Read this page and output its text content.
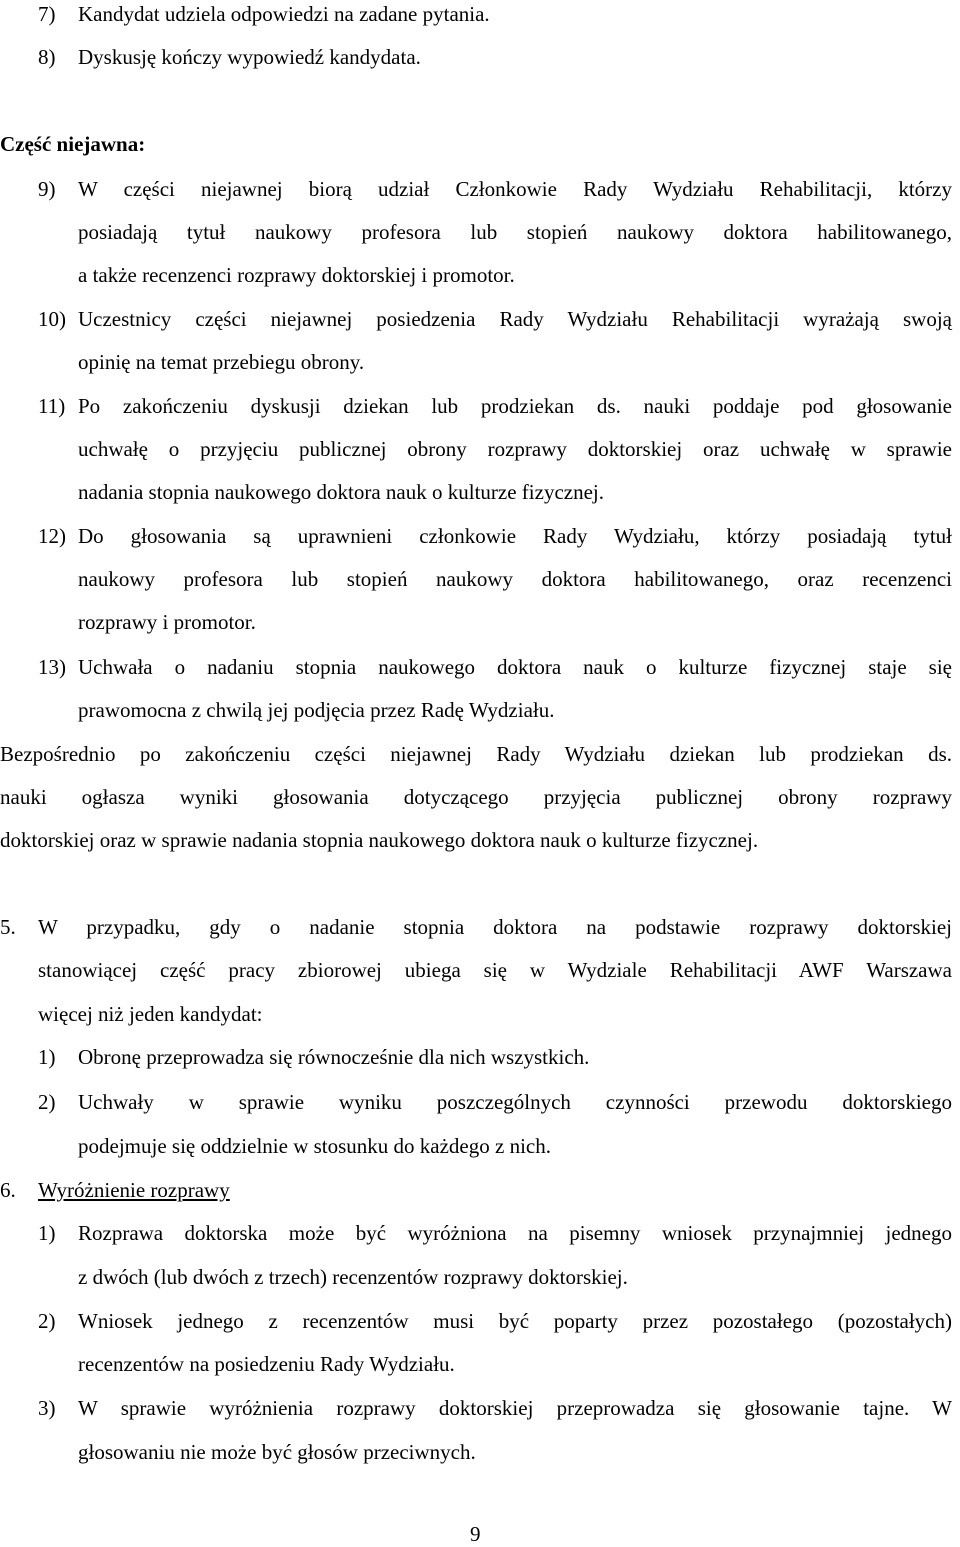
7) Kandydat udziela odpowiedzi na zadane pytania.
8) Dyskusję kończy wypowiedź kandydata.
Część niejawna:
9) W części niejawnej biorą udział Członkowie Rady Wydziału Rehabilitacji, którzy
posiadają tytuł naukowy profesora lub stopień naukowy doktora habilitowanego,
a także recenzenci rozprawy doktorskiej i promotor.
10) Uczestnicy części niejawnej posiedzenia Rady Wydziału Rehabilitacji wyrażają swoją
opinię na temat przebiegu obrony.
11) Po zakończeniu dyskusji dziekan lub prodziekan ds. nauki poddaje pod głosowanie
uchwałę o przyjęciu publicznej obrony rozprawy doktorskiej oraz uchwałę w sprawie
nadania stopnia naukowego doktora nauk o kulturze fizycznej.
12) Do głosowania są uprawnieni członkowie Rady Wydziału, którzy posiadają tytuł
naukowy profesora lub stopień naukowy doktora habilitowanego, oraz recenzenci
rozprawy i promotor.
13) Uchwała o nadaniu stopnia naukowego doktora nauk o kulturze fizycznej staje się
prawomocna z chwilą jej podjęcia przez Radę Wydziału.
Bezpośrednio po zakończeniu części niejawnej Rady Wydziału dziekan lub prodziekan ds.
nauki ogłasza wyniki głosowania dotyczącego przyjęcia publicznej obrony rozprawy
doktorskiej oraz w sprawie nadania stopnia naukowego doktora nauk o kulturze fizycznej.
5. W przypadku, gdy o nadanie stopnia doktora na podstawie rozprawy doktorskiej
stanowiącej część pracy zbiorowej ubiega się w Wydziale Rehabilitacji AWF Warszawa
więcej niż jeden kandydat:
1) Obronę przeprowadza się równocześnie dla nich wszystkich.
2) Uchwały w sprawie wyniku poszczególnych czynności przewodu doktorskiego
podejmuje się oddzielnie w stosunku do każdego z nich.
6. Wyróżnienie rozprawy
1) Rozprawa doktorska może być wyróżniona na pisemny wniosek przynajmniej jednego
z dwóch (lub dwóch z trzech) recenzentów rozprawy doktorskiej.
2) Wniosek jednego z recenzentów musi być poparty przez pozostałego (pozostałych)
recenzentów na posiedzeniu Rady Wydziału.
3) W sprawie wyróżnienia rozprawy doktorskiej przeprowadza się głosowanie tajne. W
głosowaniu nie może być głosów przeciwnych.
9
